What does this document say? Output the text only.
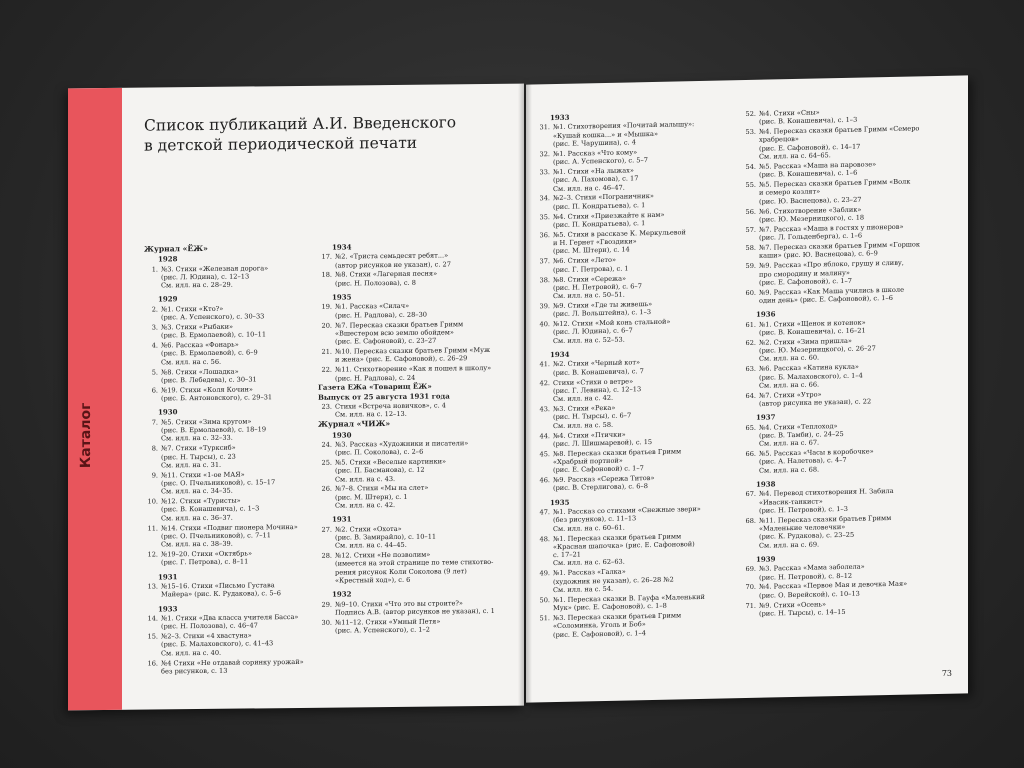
Каталог
Список публикаций А.И. Введенского
в детской периодической печати
Журнал «ЁЖ»
1928
1. №3. Стихи «Железная дорога»
(рис. Л. Юдина), с. 12–13
См. илл. на с. 28–29.
1929
2. №1. Стихи «Кто?»
(рис. А. Успенского), с. 30–33
3. №3. Стихи «Рыбаки»
(рис. В. Ермолаевой), с. 10–11
4. №6. Рассказ «Фонарь»
(рис. В. Ермолаевой), с. 6–9
См. илл. на с. 56.
5. №8. Стихи «Лошадка»
(рис. В. Лебедева), с. 30–31
6. №19. Стихи «Коля Кочин»
(рис. Б. Антоновского), с. 29–31
1930
7. №5. Стихи «Зима кругом»
(рис. В. Ермолаевой), с. 18–19
См. илл. на с. 32–33.
8. №7. Стихи «Турксиб»
(рис. Н. Тырсы), с. 23
См. илл. на с. 31.
9. №11. Стихи «1-ое МАЯ»
(рис. О. Пчельниковой), с. 15–17
См. илл. на с. 34–35.
10. №12. Стихи «Туристы»
(рис. В. Конашевича), с. 1–3
См. илл. на с. 36–37.
11. №14. Стихи «Подвиг пионера Мочина»
(рис. О. Пчельниковой), с. 7–11
См. илл. на с. 38–39.
12. №19–20. Стихи «Октябрь»
(рис. Г. Петрова), с. 8–11
1931
13. №15–16. Стихи «Письмо Густава
Майера» (рис. К. Рудакова), с. 5–6
1933
14. №1. Стихи «Два класса учителя Басса»
(рис. Н. Полозова), с. 46–47
15. №2–3. Стихи «4 хвастуна»
(рис. Б. Малаховского), с. 41–43
См. илл. на с. 40.
16. №4 Стихи «Не отдавай соринку урожай»
без рисунков, с. 13
1934
17. №2. «Триста семьдесят ребят...»
(автор рисунков не указан), с. 27
18. №8. Стихи «Лагерная песня»
(рис. Н. Полозова), с. 8
1935
19. №1. Рассказ «Силач»
(рис. Н. Радлова), с. 28–30
20. №7. Пересказ сказки братьев Гримм
«Вшестером всю землю обойдем»
(рис. Е. Сафоновой), с. 23–27
21. №10. Пересказ сказки братьев Гримм «Муж
и жена» (рис. Е. Сафоновой), с. 26–29
22. №11. Стихотворение «Как я пошел в школу»
(рис. Н. Радлова), с. 24
Газета ЕЖа «Товарищ ЁЖ»
Выпуск от 25 августа 1931 года
23. Стихи «Встреча новичков», с. 4
См. илл. на с. 12–13.
Журнал «ЧИЖ»
1930
24. №3. Рассказ «Художники и писатели»
(рис. П. Соколова), с. 2–6
25. №5. Стихи «Веселые картинки»
(рис. П. Басманова), с. 12
См. илл. на с. 43.
26. №7–8. Стихи «Мы на слет»
(рис. М. Штерн), с. 1
См. илл. на с. 42.
1931
27. №2. Стихи «Охота»
(рис. В. Замирайло), с. 10–11
См. илл. на с. 44–45.
28. №12. Стихи «Не позволим»
(имеется на этой странице по теме стихотво-
рения рисунок Коли Соколова (9 лет)
«Крестный ход»), с. 6
1932
29. №9–10. Стихи «Что это вы строите?»
Подпись А.В. (автор рисунков не указан), с. 1
30. №11–12. Стихи «Умный Петя»
(рис. А. Успенского), с. 1–2
1933
31. №1. Стихотворения «Почитай малышу»:
«Кушай кошка...» и «Мышка»
(рис. Е. Чарушина), с. 4
32. №1. Рассказ «Что кому»
(рис. А. Успенского), с. 5–7
33. №1. Стихи «На лыжах»
(рис. А. Пахомова), с. 17
См. илл. на с. 46–47.
34. №2–3. Стихи «Пограничник»
(рис. П. Кондратьева), с. 1
35. №4. Стихи «Приезжайте к нам»
(рис. П. Кондратьева), с. 1
36. №5. Стихи в рассказе К. Меркульевой
и Н. Гернет «Гвоздики»
(рис. М. Штерн), с. 14
37. №6. Стихи «Лето»
(рис. Г. Петрова), с. 1
38. №8. Стихи «Сережа»
(рис. Н. Петровой), с. 6–7
См. илл. на с. 50–51.
39. №9. Стихи «Где ты живешь»
(рис. Л. Вольштейна), с. 1–3
40. №12. Стихи «Мой конь стальной»
(рис. Л. Юдина), с. 6–7
См. илл. на с. 52–53.
1934
41. №2. Стихи «Черный кот»
(рис. В. Конашевича), с. 7
42. Стихи «Стихи о ветре»
(рис. Г. Левина), с. 12–13
См. илл. на с. 42.
43. №3. Стихи «Река»
(рис. Н. Тырсы), с. 6–7
См. илл. на с. 58.
44. №4. Стихи «Птички»
(рис. Л. Шишмаревой), с. 15
45. №8. Пересказ сказки братьев Гримм
«Храбрый портной»
(рис. Е. Сафоновой) с. 1–7
46. №9. Рассказ «Сережа Титов»
(рис. В. Стерлигова), с. 6–8
1935
47. №1. Рассказ со стихами «Снежные звери»
(без рисунков), с. 11–13
См. илл. на с. 60–61.
48. №1. Пересказ сказки братьев Гримм
«Красная шапочка» (рис. Е. Сафоновой)
с. 17–21
См. илл. на с. 62–63.
49. №1. Рассказ «Галка»
(художник не указан), с. 26–28 №2
См. илл. на с. 54.
50. №1. Пересказ сказки В. Гауфа «Маленький
Мук» (рис. Е. Сафоновой), с. 1–8
51. №3. Пересказ сказки братьев Гримм
«Соломинка, Уголь и Боб»
(рис. Е. Сафоновой), с. 1–4
52. №4. Стихи «Сны»
(рис. В. Конашевича), с. 1–3
53. №4. Пересказ сказки братьев Гримм «Семеро
храбрецов»
(рис. Е. Сафоновой), с. 14–17
См. илл. на с. 64–65.
54. №5. Рассказ «Маша на паровозе»
(рис. В. Конашевича), с. 1–6
55. №5. Пересказ сказки братьев Гримм «Волк
и семеро козлят»
(рис. Ю. Васнецова), с. 23–27
56. №6. Стихотворение «Заблик»
(рис. Ю. Мезерницкого), с. 18
57. №7. Рассказ «Маша в гостях у пионеров»
(рис. Л. Гольденберга), с. 1–6
58. №7. Пересказ сказки братьев Гримм «Горшок
каши» (рис. Ю. Васнецова), с. 6–9
59. №9. Рассказ «Про яблоко, грушу и сливу,
про смородину и малину»
(рис. Е. Сафоновой), с. 1–7
60. №9. Рассказ «Как Маша учились в школе
один день» (рис. Е. Сафоновой), с. 1–6
1936
61. №1. Стихи «Щенок и котенок»
(рис. В. Конашевича), с. 16–21
62. №2. Стихи «Зима пришла»
(рис. Ю. Мезерницкого), с. 26–27
См. илл. на с. 60.
63. №6. Рассказ «Катина кукла»
(рис. Б. Малаховского), с. 1–4
См. илл. на с. 66.
64. №7. Стихи «Утро»
(автор рисунка не указан), с. 22
1937
65. №4. Стихи «Теплоход»
(рис. В. Тамби), с. 24–25
См. илл. на с. 67.
66. №5. Рассказ «Часы в коробочке»
(рис. А. Налетова), с. 4–7
См. илл. на с. 68.
1938
67. №4. Перевод стихотворения Н. Забила
«Ивасик-танкист»
(рис. Н. Петровой), с. 1–3
68. №11. Пересказ сказки братьев Гримм
«Маленькие человечки»
(рис. К. Рудакова), с. 23–25
См. илл. на с. 69.
1939
69. №3. Рассказ «Мама заболела»
(рис. Н. Петровой), с. 8–12
70. №4. Рассказ «Первое Мая и девочка Мая»
(рис. О. Верейской), с. 10–13
71. №9. Стихи «Осень»
(рис. Н. Тырсы), с. 14–15
73
